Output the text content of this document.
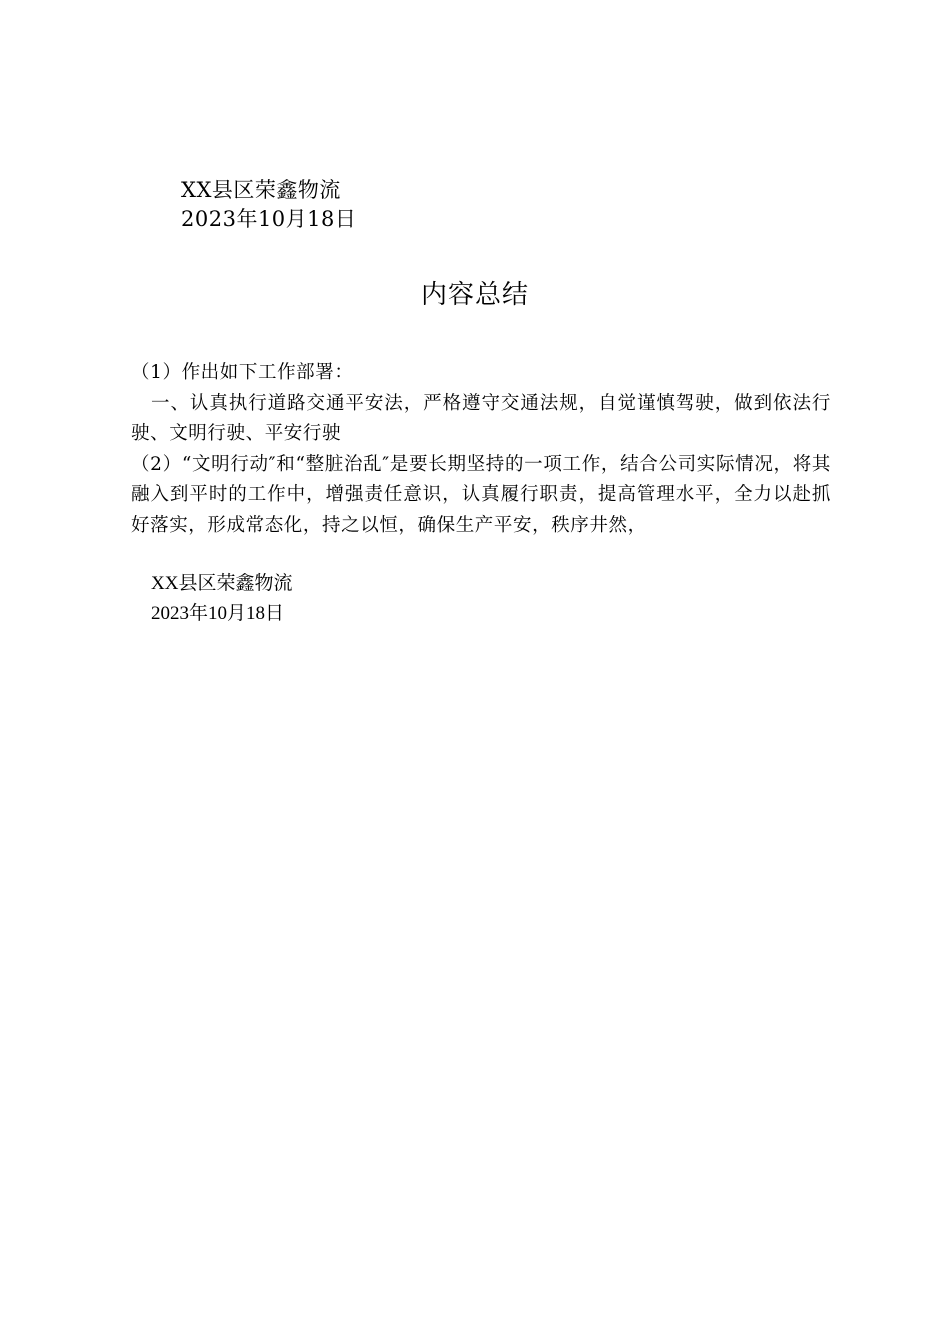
XX县区荣鑫物流
2023年10月18日
内容总结

（1）作出如下工作部署：

一、认真执行道路交通平安法，严格遵守交通法规，自觉谨慎驾驶，做到依法行驶、文明行驶、平安行驶

（2）“文明行动″和“整脏治乱″是要长期坚持的一项工作，结合公司实际情况，将其融入到平时的工作中，增强责任意识，认真履行职责，提高管理水平，全力以赴抓好落实，形成常态化，持之以恒，确保生产平安，秩序井然，

XX县区荣鑫物流
2023年10月18日
